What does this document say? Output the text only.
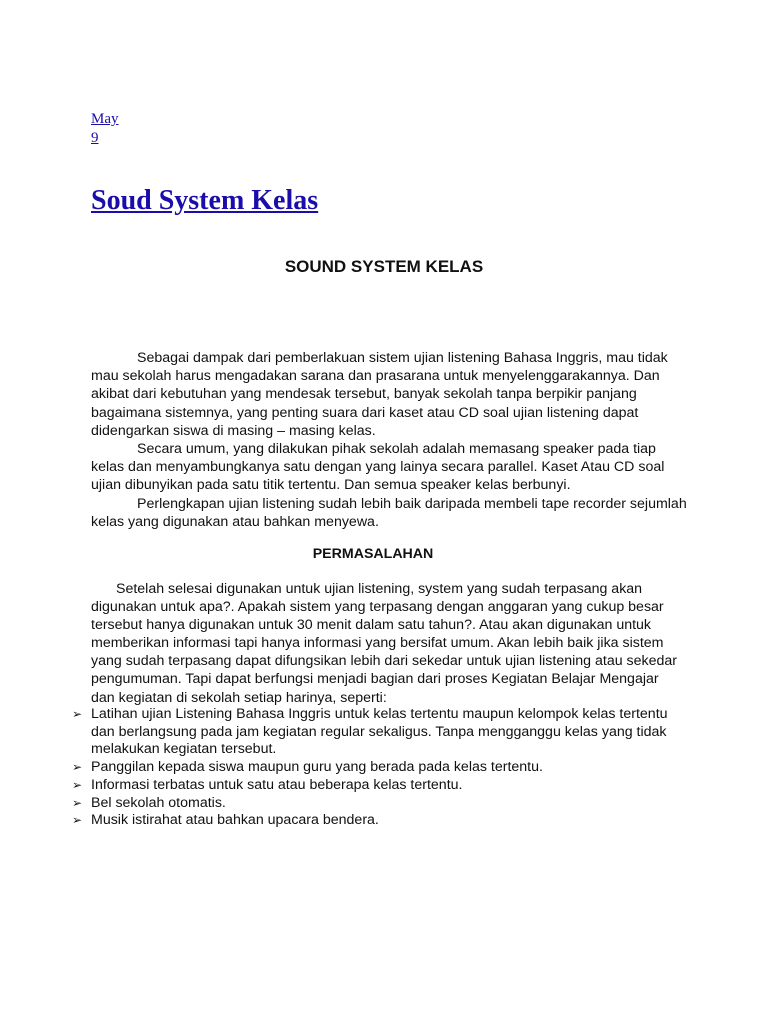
May
9
Soud System Kelas
SOUND SYSTEM KELAS

Sebagai dampak dari pemberlakuan sistem ujian listening Bahasa Inggris, mau tidak mau sekolah harus mengadakan sarana dan prasarana untuk menyelenggarakannya. Dan akibat dari kebutuhan yang mendesak tersebut, banyak sekolah tanpa berpikir panjang bagaimana sistemnya, yang penting suara dari kaset atau CD soal ujian listening dapat didengarkan siswa di masing – masing kelas.

Secara umum, yang dilakukan pihak sekolah adalah memasang speaker pada tiap kelas dan menyambungkanya satu dengan yang lainya secara parallel. Kaset Atau CD soal ujian dibunyikan pada satu titik tertentu. Dan semua speaker kelas berbunyi.

Perlengkapan ujian listening sudah lebih baik daripada membeli tape recorder sejumlah kelas yang digunakan atau bahkan menyewa.

PERMASALAHAN

Setelah selesai digunakan untuk ujian listening, system yang sudah terpasang akan digunakan untuk apa?. Apakah sistem yang terpasang dengan anggaran yang cukup besar tersebut hanya digunakan untuk 30 menit dalam satu tahun?. Atau akan digunakan untuk memberikan informasi tapi hanya informasi yang bersifat umum. Akan lebih baik jika sistem yang sudah terpasang dapat difungsikan lebih dari sekedar untuk ujian listening atau sekedar pengumuman. Tapi dapat berfungsi menjadi bagian dari proses Kegiatan Belajar Mengajar dan kegiatan di sekolah setiap harinya, seperti:

➢ Latihan ujian Listening Bahasa Inggris untuk kelas tertentu maupun kelompok kelas tertentu dan berlangsung pada jam kegiatan regular sekaligus. Tanpa mengganggu kelas yang tidak melakukan kegiatan tersebut.
➢ Panggilan kepada siswa maupun guru yang berada pada kelas tertentu.
➢ Informasi terbatas untuk satu atau beberapa kelas tertentu.
➢ Bel sekolah otomatis.
➢ Musik istirahat atau bahkan upacara bendera.
